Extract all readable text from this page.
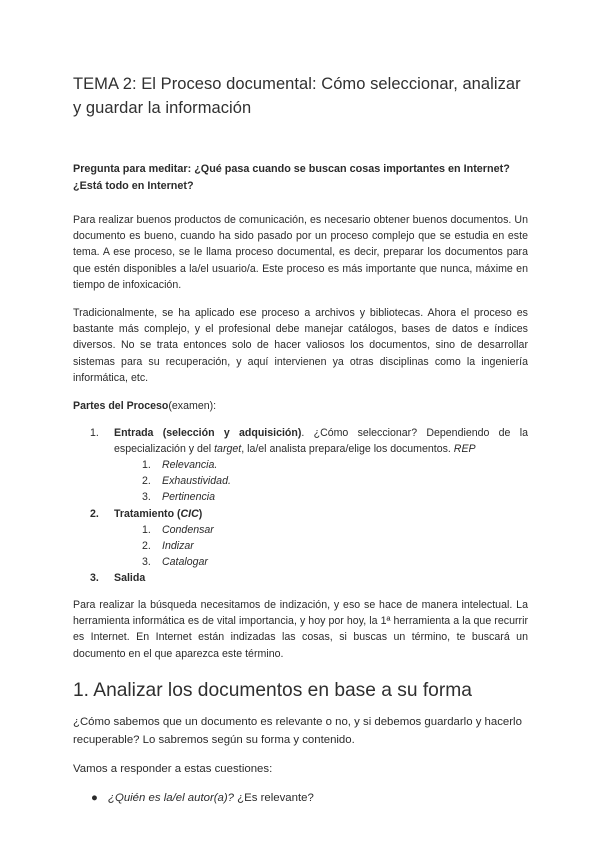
TEMA 2: El Proceso documental: Cómo seleccionar, analizar y guardar la información

Pregunta para meditar: ¿Qué pasa cuando se buscan cosas importantes en Internet? ¿Está todo en Internet?

Para realizar buenos productos de comunicación, es necesario obtener buenos documentos. Un documento es bueno, cuando ha sido pasado por un proceso complejo que se estudia en este tema. A ese proceso, se le llama proceso documental, es decir, preparar los documentos para que estén disponibles a la/el usuario/a. Este proceso es más importante que nunca, máxime en tiempo de infoxicación.

Tradicionalmente, se ha aplicado ese proceso a archivos y bibliotecas. Ahora el proceso es bastante más complejo, y el profesional debe manejar catálogos, bases de datos e índices diversos. No se trata entonces solo de hacer valiosos los documentos, sino de desarrollar sistemas para su recuperación, y aquí intervienen ya otras disciplinas como la ingeniería informática, etc.

Partes del Proceso(examen):
1. Entrada (selección y adquisición). ¿Cómo seleccionar? Dependiendo de la especialización y del target, la/el analista prepara/elige los documentos. REP
1. Relevancia.
2. Exhaustividad.
3. Pertinencia
2. Tratamiento (CIC)
1. Condensar
2. Indizar
3. Catalogar
3. Salida

Para realizar la búsqueda necesitamos de indización, y eso se hace de manera intelectual. La herramienta informática es de vital importancia, y hoy por hoy, la 1ª herramienta a la que recurrir es Internet. En Internet están indizadas las cosas, si buscas un término, te buscará un documento en el que aparezca este término.

1. Analizar los documentos en base a su forma

¿Cómo sabemos que un documento es relevante o no, y si debemos guardarlo y hacerlo recuperable? Lo sabremos según su forma y contenido.

Vamos a responder a estas cuestiones:

● ¿Quién es la/el autor(a)? ¿Es relevante?
